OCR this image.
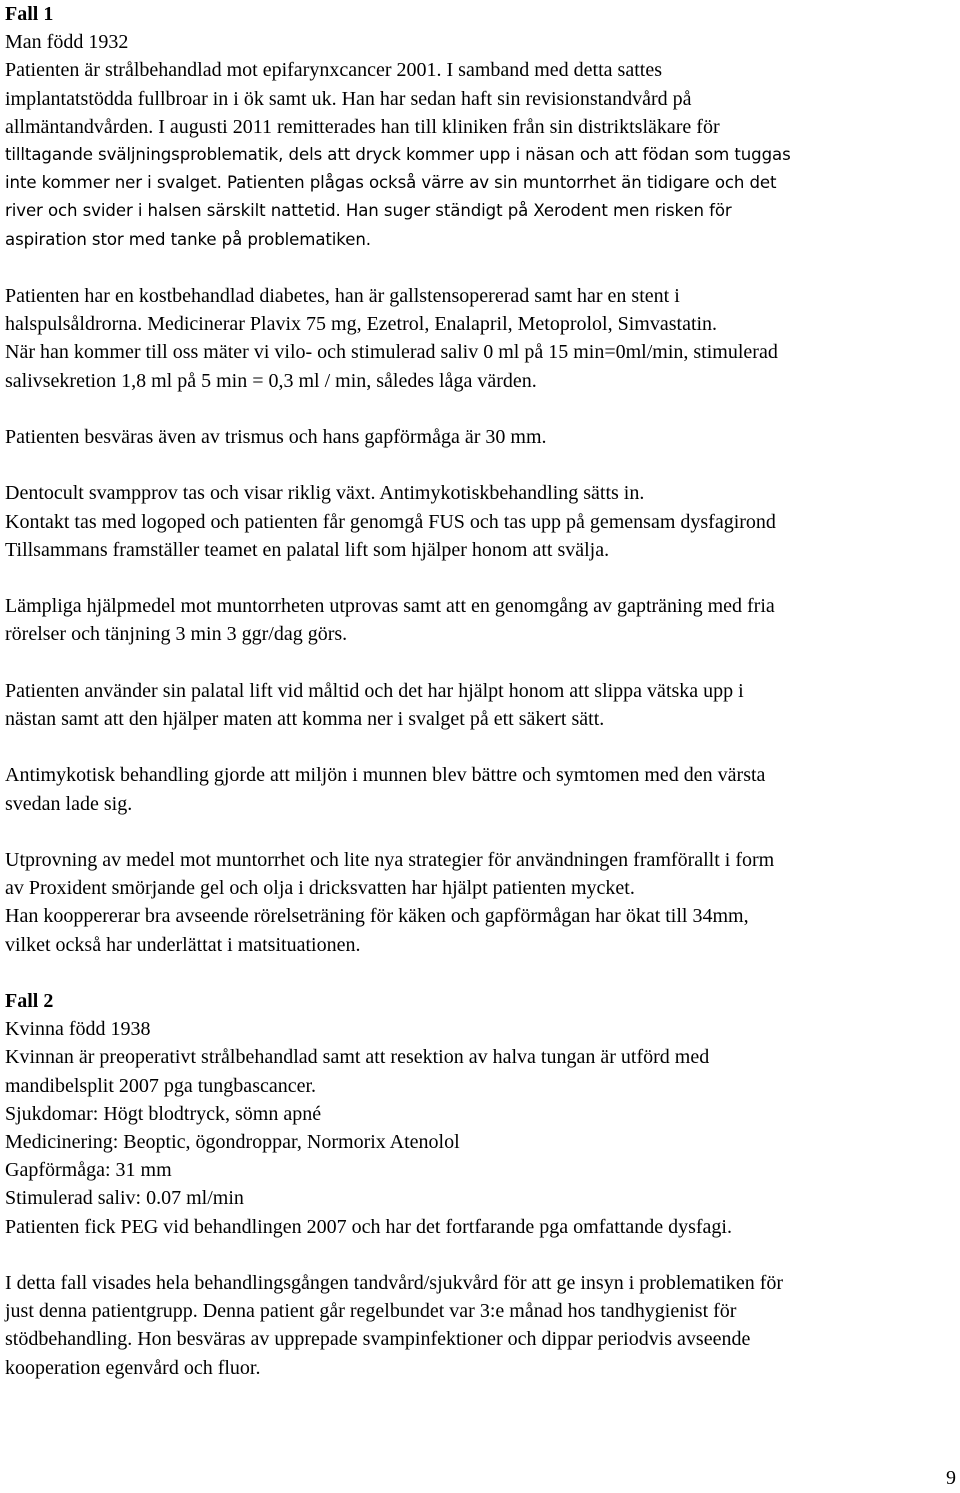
Fall 1
Man född 1932
Patienten är strålbehandlad mot epifarynxcancer 2001. I samband med detta sattes
implantatstödda fullbroar in i ök samt uk. Han har sedan haft sin revisionstandvård på
allmäntandvården. I augusti 2011 remitterades han till kliniken från sin distriktsläkare för
tilltagande sväljningsproblematik, dels att dryck kommer upp i näsan och att födan som tuggas
inte kommer ner i svalget. Patienten plågas också värre av sin muntorrhet än tidigare och det
river och svider i halsen särskilt nattetid. Han suger ständigt på Xerodent men risken för
aspiration stor med tanke på problematiken.
Patienten har en kostbehandlad diabetes, han är gallstensopererad samt har en stent i
halspulsåldrorna. Medicinerar Plavix 75 mg, Ezetrol, Enalapril, Metoprolol, Simvastatin.
När han kommer till oss mäter vi vilo- och stimulerad saliv 0 ml på 15 min=0ml/min, stimulerad
salivsekretion 1,8 ml på 5 min = 0,3 ml / min, således låga värden.
Patienten besväras även av trismus och hans gapförmåga är 30 mm.
Dentocult svampprov tas och visar riklig växt. Antimykotiskbehandling sätts in.
Kontakt tas med logoped och patienten får genomgå FUS och tas upp på gemensam dysfagirond
Tillsammans framställer teamet en palatal lift som hjälper honom att svälja.
Lämpliga hjälpmedel mot muntorrheten utprovas samt att en genomgång av gapträning med fria
rörelser och tänjning 3 min 3 ggr/dag görs.
Patienten använder sin palatal lift vid måltid och det har hjälpt honom att slippa vätska upp i
nästan samt att den hjälper maten att komma ner i svalget på ett säkert sätt.
Antimykotisk behandling gjorde att miljön i munnen blev bättre och symtomen med den värsta
svedan lade sig.
Utprovning av medel mot muntorrhet och lite nya strategier för användningen framförallt i form
av Proxident smörjande gel och olja i dricksvatten har hjälpt patienten mycket.
Han kooppererar bra avseende rörelseträning för käken och gapförmågan har ökat till 34mm,
vilket också har underlättat i matsituationen.
Fall 2
Kvinna född 1938
Kvinnan är preoperativt strålbehandlad samt att resektion av halva tungan är utförd med
mandibelsplit 2007 pga tungbascancer.
Sjukdomar: Högt blodtryck, sömn apné
Medicinering: Beoptic, ögondroppar, Normorix Atenolol
Gapförmåga: 31 mm
Stimulerad saliv: 0.07 ml/min
Patienten fick PEG vid behandlingen 2007 och har det fortfarande pga omfattande dysfagi.
I detta fall visades hela behandlingsgången tandvård/sjukvård för att ge insyn i problematiken för
just denna patientgrupp. Denna patient går regelbundet var 3:e månad hos tandhygienist för
stödbehandling. Hon besväras av upprepade svampinfektioner och dippar periodvis avseende
kooperation egenvård och fluor.
9
